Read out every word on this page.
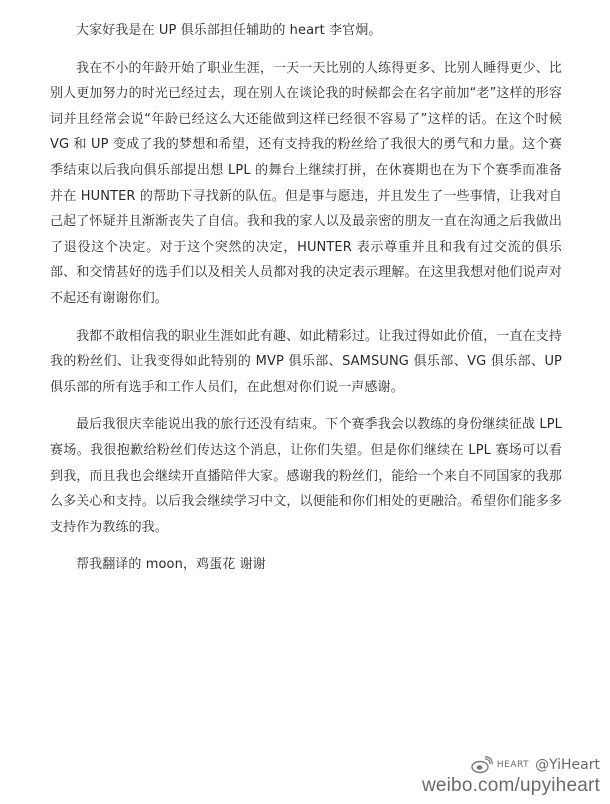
大家好我是在 UP 俱乐部担任辅助的 heart 李官炯。

我在不小的年龄开始了职业生涯，一天一天比别的人练得更多、比别人睡得更少、比别人更加努力的时光已经过去，现在别人在谈论我的时候都会在名字前加“老”这样的形容词并且经常会说“年龄已经这么大还能做到这样已经很不容易了”这样的话。在这个时候 VG 和 UP 变成了我的梦想和希望，还有支持我的粉丝给了我很大的勇气和力量。这个赛季结束以后我向俱乐部提出想 LPL 的舞台上继续打拼，在休赛期也在为下个赛季而准备并在 HUNTER 的帮助下寻找新的队伍。但是事与愿违，并且发生了一些事情，让我对自己起了怀疑并且渐渐丧失了自信。我和我的家人以及最亲密的朋友一直在沟通之后我做出了退役这个决定。对于这个突然的决定，HUNTER 表示尊重并且和我有过交流的俱乐部、和交情甚好的选手们以及相关人员都对我的决定表示理解。在这里我想对他们说声对不起还有谢谢你们。

我都不敢相信我的职业生涯如此有趣、如此精彩过。让我过得如此价值，一直在支持我的粉丝们、让我变得如此特别的 MVP 俱乐部、SAMSUNG 俱乐部、VG 俱乐部、UP 俱乐部的所有选手和工作人员们，在此想对你们说一声感谢。

最后我很庆幸能说出我的旅行还没有结束。下个赛季我会以教练的身份继续征战 LPL 赛场。我很抱歉给粉丝们传达这个消息，让你们失望。但是你们继续在 LPL 赛场可以看到我，而且我也会继续开直播陪伴大家。感谢我的粉丝们，能给一个来自不同国家的我那么多关心和支持。以后我会继续学习中文，以便能和你们相处的更融洽。希望你们能多多支持作为教练的我。

帮我翻译的 moon，鸡蛋花 谢谢

HEART @YiHeart
weibo.com/upyiheart
